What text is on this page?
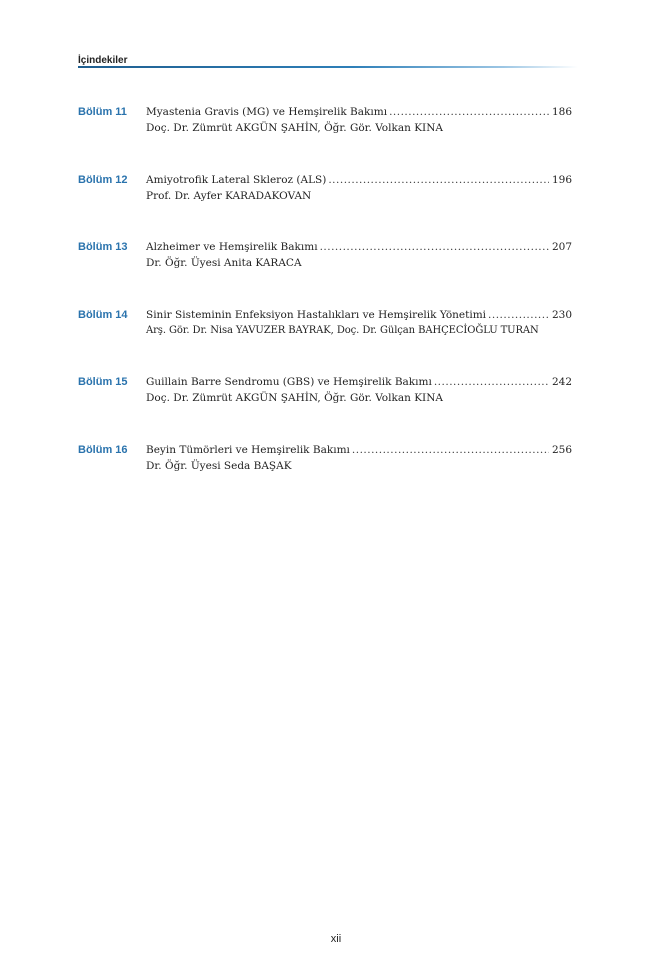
İçindekiler
Bölüm 11 Myastenia Gravis (MG) ve Hemşirelik Bakımı .....	186
Doç. Dr. Zümrüt AKGÜN ŞAHİN, Öğr. Gör. Volkan KINA
Bölüm 12 Amiyotrofik Lateral Skleroz (ALS) .....	196
Prof. Dr. Ayfer KARADAKOVAN
Bölüm 13 Alzheimer ve Hemşirelik Bakımı .....	207
Dr. Öğr. Üyesi Anita KARACA
Bölüm 14 Sinir Sisteminin Enfeksiyon Hastalıkları ve Hemşirelik Yönetimi .....	230
Arş. Gör. Dr. Nisa YAVUZER BAYRAK, Doç. Dr. Gülçan BAHÇECİOĞLU TURAN
Bölüm 15 Guillain Barre Sendromu (GBS) ve Hemşirelik Bakımı .....	242
Doç. Dr. Zümrüt AKGÜN ŞAHİN, Öğr. Gör. Volkan KINA
Bölüm 16 Beyin Tümörleri ve Hemşirelik Bakımı .....	256
Dr. Öğr. Üyesi Seda BAŞAK
xii
